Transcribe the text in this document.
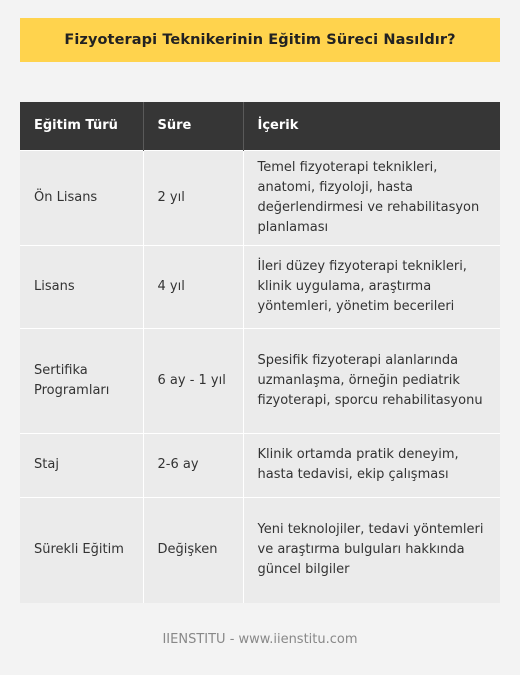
Fizyoterapi Teknikerinin Eğitim Süreci Nasıldır?
Eğitim Türü	Süre	İçerik
Ön Lisans	2 yıl	Temel fizyoterapi teknikleri, anatomi, fizyoloji, hasta değerlendirmesi ve rehabilitasyon planlaması
Lisans	4 yıl	İleri düzey fizyoterapi teknikleri, klinik uygulama, araştırma yöntemleri, yönetim becerileri
Sertifika Programları	6 ay - 1 yıl	Spesifik fizyoterapi alanlarında uzmanlaşma, örneğin pediatrik fizyoterapi, sporcu rehabilitasyonu
Staj	2-6 ay	Klinik ortamda pratik deneyim, hasta tedavisi, ekip çalışması
Sürekli Eğitim	Değişken	Yeni teknolojiler, tedavi yöntemleri ve araştırma bulguları hakkında güncel bilgiler
IIENSTITU - www.iienstitu.com
